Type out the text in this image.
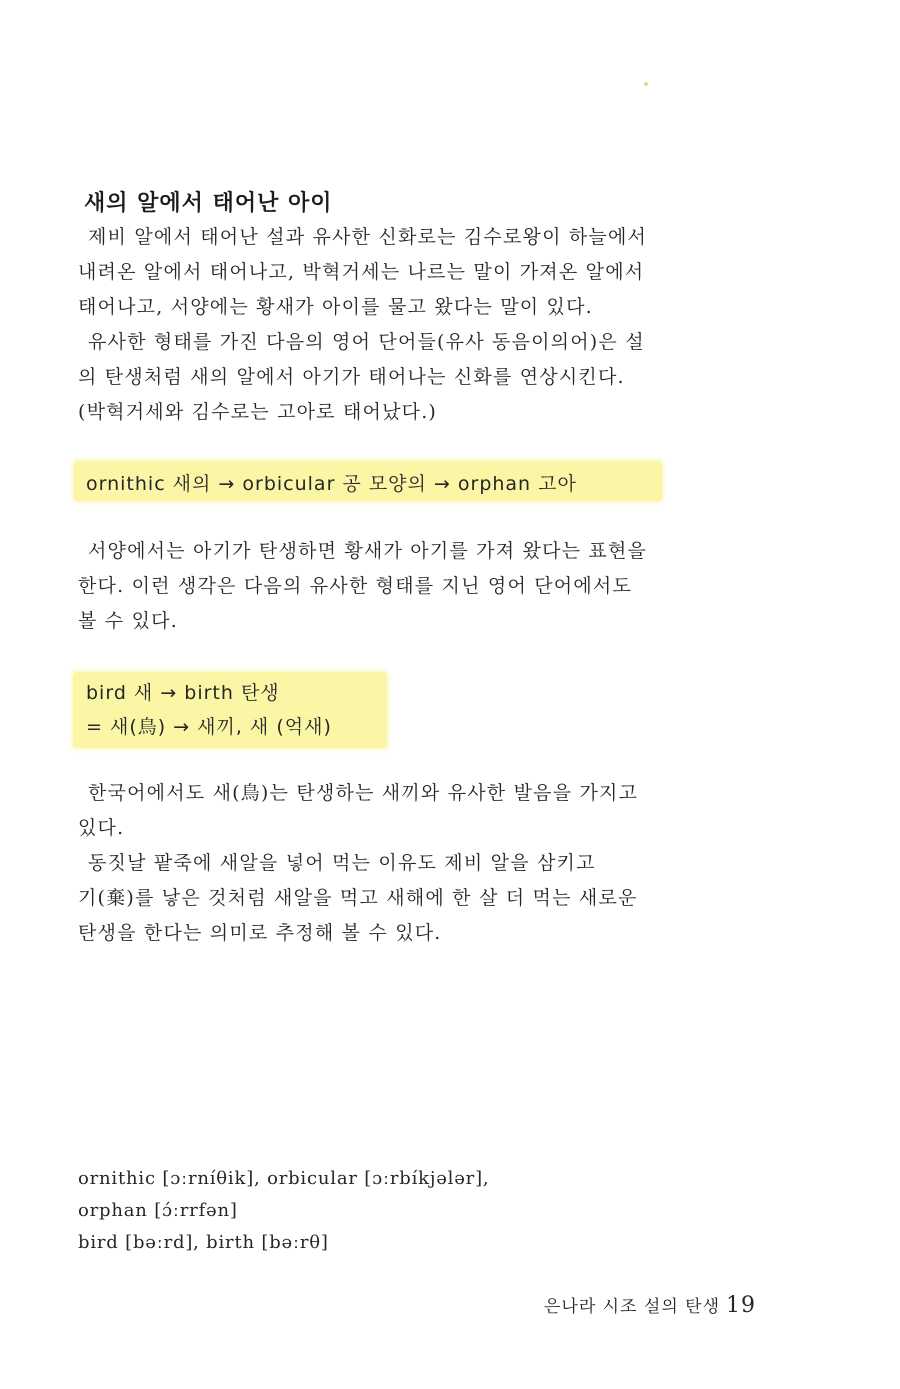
새의 알에서 태어난 아이
제비 알에서 태어난 설과 유사한 신화로는 김수로왕이 하늘에서
내려온 알에서 태어나고, 박혁거세는 나르는 말이 가져온 알에서
태어나고, 서양에는 황새가 아이를 물고 왔다는 말이 있다.
유사한 형태를 가진 다음의 영어 단어들(유사 동음이의어)은 설
의 탄생처럼 새의 알에서 아기가 태어나는 신화를 연상시킨다.
(박혁거세와 김수로는 고아로 태어났다.)
ornithic 새의 → orbicular 공 모양의 → orphan 고아
서양에서는 아기가 탄생하면 황새가 아기를 가져 왔다는 표현을
한다. 이런 생각은 다음의 유사한 형태를 지닌 영어 단어에서도
볼 수 있다.
bird 새 → birth 탄생
= 새(鳥) → 새끼, 새 (억새)
한국어에서도 새(鳥)는 탄생하는 새끼와 유사한 발음을 가지고
있다.
동짓날 팥죽에 새알을 넣어 먹는 이유도 제비 알을 삼키고
기(棄)를 낳은 것처럼 새알을 먹고 새해에 한 살 더 먹는 새로운
탄생을 한다는 의미로 추정해 볼 수 있다.
ornithic [ɔːrníθik], orbicular [ɔːrbíkjələr],
orphan [ɔ́ːrrfən]
bird [bəːrd], birth [bəːrθ]
은나라 시조 설의 탄생 19
